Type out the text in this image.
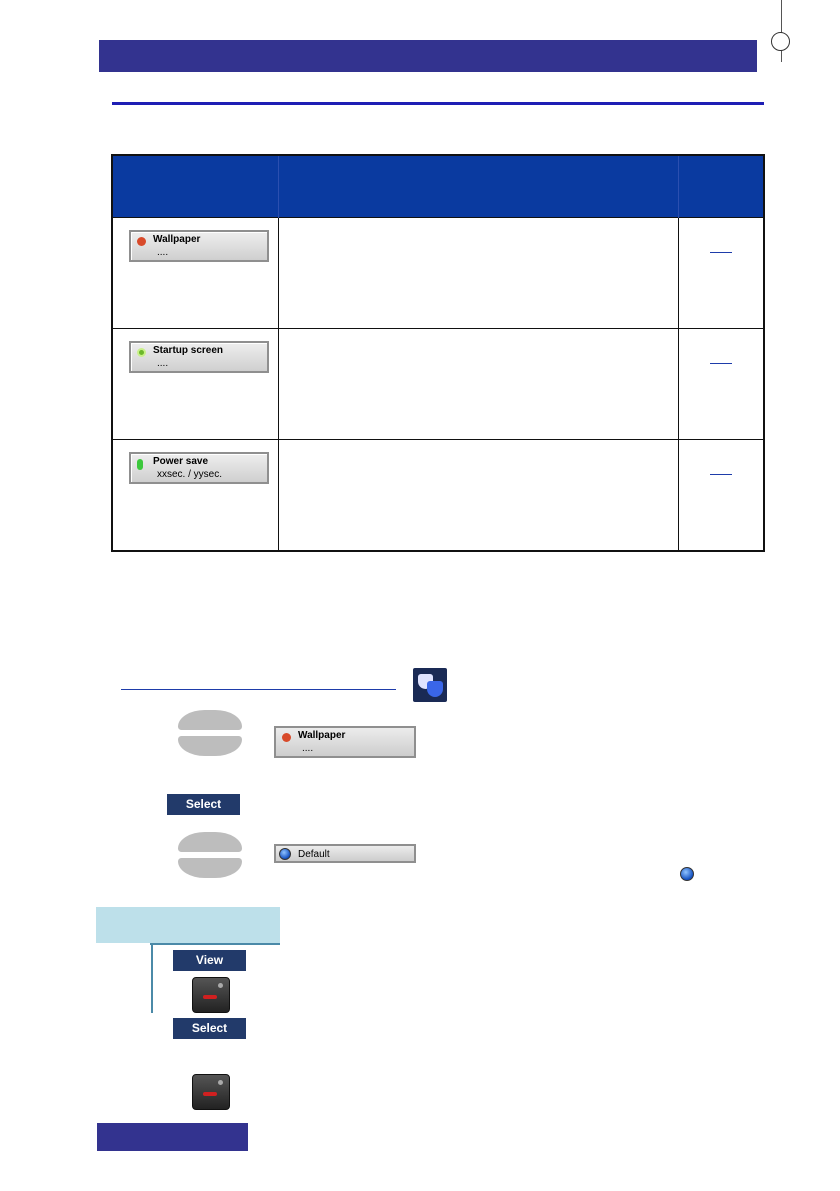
Wallpaper
....		

Startup screen
....		

Power save
xxsec. / yysec.		

Wallpaper
....
Select
Default
View
Select
